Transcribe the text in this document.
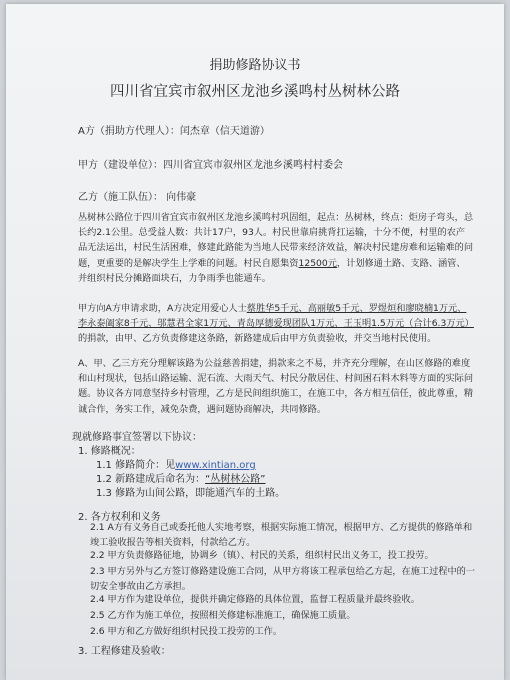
捐助修路协议书
四川省宜宾市叙州区龙池乡溪鸣村丛树林公路
A方（捐助方代理人）：闰杰章（信天道游）
甲方（建设单位）：四川省宜宾市叙州区龙池乡溪鸣村村委会
乙方（施工队伍）： 向伟豪
丛树林公路位于四川省宜宾市叙州区龙池乡溪鸣村巩固组，起点：丛树林，终点：炬房子弯头，总长约2.1公里。总受益人数：共计17户，93人。村民世靠肩挑背扛运输，十分不便，村里的农产品无法运出，村民生活困难，修建此路能为当地人民带来经济效益，解决村民建房难和运输难的问题，更重要的是解决学生上学难的问题。村民自愿集资12500元，计划修通土路、支路、涵管、并组织村民分摊路面块石，力争雨季也能通车。
甲方向A方申请求助，A方决定用爱心人士蔡胜华5千元、高丽敏5千元、罗煜烜和廖晓楠1万元、李永泰阖家8千元、邬慧君全家1万元、青岛厚德爱现团队1万元、王玉明1.5万元（合计6.3万元）的捐款，由甲、乙方负责修建这条路，新路建成后由甲方负责验收，并交当地村民使用。
A、甲、乙三方充分理解该路为公益慈善捐建，捐款来之不易，并齐充分理解，在山区修路的难度和山村现状，包括山路运输、泥石流、大雨天气、村民分散居住、村间困石料木料等方面的实际问题。协议各方同意坚持乡村管理，乙方是民间组织施工，在施工中，各方相互信任，彼此尊重，精诚合作，务实工作，减免杂费，遇问题协商解决，共同修路。
现就修路事宜签署以下协议：
1. 修路概况：
1.1 修路简介：见www.xintian.org
1.2 新路建成后命名为：“丛树林公路”
1.3 修路为山间公路，即能通汽车的土路。
2. 各方权利和义务
2.1 A方有义务自己或委托他人实地考察，根据实际施工情况，根据甲方、乙方提供的修路单和竣工验收报告等相关资料，付款给乙方。
2.2 甲方负责修路征地，协调乡（镇）、村民的关系，组织村民出义务工，投工投劳。
2.3 甲方另外与乙方签订修路建设施工合同，从甲方将该工程承包给乙方起，在施工过程中的一切安全事故由乙方承担。
2.4 甲方作为建设单位，提供并确定修路的具体位置，监督工程质量并最终验收。
2.5 乙方作为施工单位，按照相关修建标准施工，确保施工质量。
2.6 甲方和乙方做好组织村民投工投劳的工作。
3. 工程修建及验收：
